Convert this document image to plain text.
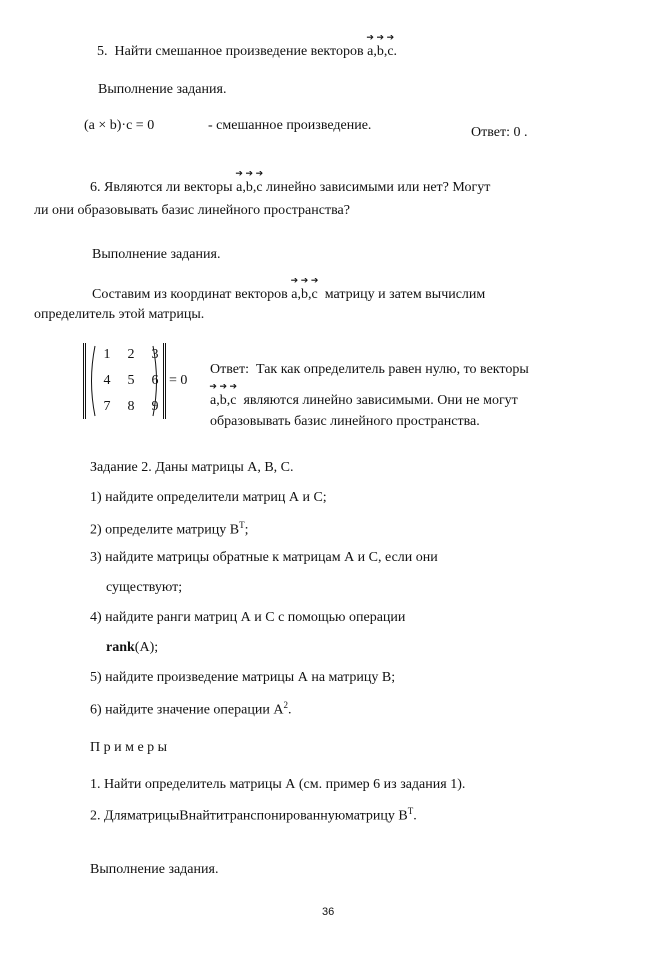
5. Найти смешанное произведение векторов
➔
a,
➔
b,
➔
c.
Выполнение задания.
(a × b)·c = 0	- смешанное произведение.	Ответ: 0 .
6. Являются ли векторы
➔
a,
➔
b,
➔
c линейно зависимыми или нет? Могут
ли они образовывать базис линейного пространства?
Выполнение задания.
Составим из координат векторов
➔
a,
➔
b,
➔
c матрицу и затем вычислим
определитель этой матрицы.
1	2	3
4	5	6
7	8	9
= 0
Ответ: Так как определитель равен нулю, то векторы
➔
a,
➔
b,
➔
c являются линейно зависимыми. Они не могут
образовывать базис линейного пространства.
Задание 2. Даны матрицы А, В, С.
1) найдите определители матриц А и С;
2) определите матрицу $В^T$;
3) найдите матрицы обратные к матрицам А и С, если они
существуют;
4) найдите ранги матриц А и С с помощью операции
rank(A);
5) найдите произведение матрицы А на матрицу В;
6) найдите значение операции $А^2$.
П р и м е р ы
1. Найти определитель матрицы А (см. пример 6 из задания 1).
2. ДляматрицыВнайтитранспонированнуюматрицу $В^T$.
Выполнение задания.
36
